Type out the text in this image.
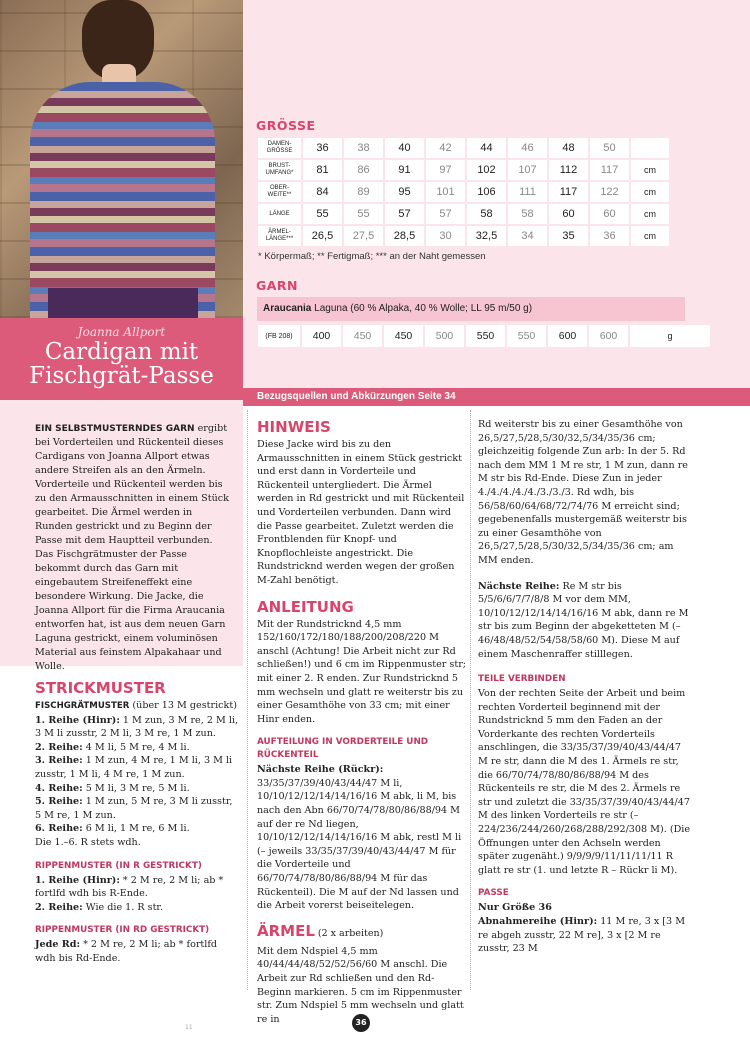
Joanna Allport
Cardigan mit
Fischgrät-Passe
GRÖSSE
DAMEN-GRÖSSE	36	38	40	42	44	46	48	50	
BRUST-UMFANG*	81	86	91	97	102	107	112	117	cm
OBER-WEITE**	84	89	95	101	106	111	117	122	cm
LÄNGE	55	55	57	57	58	58	60	60	cm
ÄRMEL-LÄNGE***	26,5	27,5	28,5	30	32,5	34	35	36	cm
* Körpermaß; ** Fertigmaß; *** an der Naht gemessen
GARN
Araucania Laguna (60 % Alpaka, 40 % Wolle; LL 95 m/50 g)
(FB 208)	400	450	450	500	550	550	600	600	g
Bezugsquellen und Abkürzungen Seite 34
EIN SELBSTMUSTERNDES GARN ergibt bei Vorderteilen und Rückenteil dieses Cardigans von Joanna Allport etwas andere Streifen als an den Ärmeln. Vorderteile und Rückenteil werden bis zu den Armausschnitten in einem Stück gearbeitet. Die Ärmel werden in Runden gestrickt und zu Beginn der Passe mit dem Hauptteil verbunden. Das Fischgrätmuster der Passe bekommt durch das Garn mit eingebautem Streifeneffekt eine besondere Wirkung. Die Jacke, die Joanna Allport für die Firma Araucania entworfen hat, ist aus dem neuen Garn Laguna gestrickt, einem voluminösen Material aus feinstem Alpakahaar und Wolle.
STRICKMUSTER

FISCHGRÄTMUSTER (über 13 M gestrickt)

1. Reihe (Hinr): 1 M zun, 3 M re, 2 M li, 3 M li zusstr, 2 M li, 3 M re, 1 M zun.

2. Reihe: 4 M li, 5 M re, 4 M li.

3. Reihe: 1 M zun, 4 M re, 1 M li, 3 M li zusstr, 1 M li, 4 M re, 1 M zun.

4. Reihe: 5 M li, 3 M re, 5 M li.

5. Reihe: 1 M zun, 5 M re, 3 M li zusstr, 5 M re, 1 M zun.

6. Reihe: 6 M li, 1 M re, 6 M li.

Die 1.–6. R stets wdh.

RIPPENMUSTER (IN R GESTRICKT)

1. Reihe (Hinr): * 2 M re, 2 M li; ab * fortlfd wdh bis R-Ende.

2. Reihe: Wie die 1. R str.

RIPPENMUSTER (IN RD GESTRICKT)

Jede Rd: * 2 M re, 2 M li; ab * fortlfd wdh bis Rd-Ende.

HINWEIS

Diese Jacke wird bis zu den Armausschnitten in einem Stück gestrickt und erst dann in Vorderteile und Rückenteil untergliedert. Die Ärmel werden in Rd gestrickt und mit Rückenteil und Vorderteilen verbunden. Dann wird die Passe gearbeitet. Zuletzt werden die Frontblenden für Knopf- und Knopflochleiste angestrickt. Die Rundstricknd werden wegen der großen M-Zahl benötigt.

ANLEITUNG

Mit der Rundstricknd 4,5 mm 152/160/172/180/188/200/208/220 M anschl (Achtung! Die Arbeit nicht zur Rd schließen!) und 6 cm im Rippenmuster str; mit einer 2. R enden. Zur Rundstricknd 5 mm wechseln und glatt re weiterstr bis zu einer Gesamthöhe von 33 cm; mit einer Hinr enden.

AUFTEILUNG IN VORDERTEILE UND RÜCKENTEIL

Nächste Reihe (Rückr): 33/35/37/39/40/43/44/47 M li, 10/10/12/12/14/14/16/16 M abk, li M, bis nach den Abn 66/70/74/78/80/86/88/94 M auf der re Nd liegen, 10/10/12/12/14/14/16/16 M abk, restl M li (– jeweils 33/35/37/39/40/43/44/47 M für die Vorderteile und 66/70/74/78/80/86/88/94 M für das Rückenteil). Die M auf der Nd lassen und die Arbeit vorerst beiseitelegen.

ÄRMEL (2 x arbeiten)

Mit dem Ndspiel 4,5 mm 40/44/44/48/52/52/56/60 M anschl. Die Arbeit zur Rd schließen und den Rd-Beginn markieren. 5 cm im Rippenmuster str. Zum Ndspiel 5 mm wechseln und glatt re in

Rd weiterstr bis zu einer Gesamthöhe von 26,5/27,5/28,5/30/32,5/34/35/36 cm; gleichzeitig folgende Zun arb: In der 5. Rd nach dem MM 1 M re str, 1 M zun, dann re M str bis Rd-Ende. Diese Zun in jeder 4./4./4./4./4./3./3./3. Rd wdh, bis 56/58/60/64/68/72/74/76 M erreicht sind; gegebenenfalls mustergemäß weiterstr bis zu einer Gesamthöhe von 26,5/27,5/28,5/30/32,5/34/35/36 cm; am MM enden.

Nächste Reihe: Re M str bis 5/5/6/6/7/7/8/8 M vor dem MM, 10/10/12/12/14/14/16/16 M abk, dann re M str bis zum Beginn der abgeketteten M (– 46/48/48/52/54/58/58/60 M). Diese M auf einem Maschenraffer stilllegen.

TEILE VERBINDEN

Von der rechten Seite der Arbeit und beim rechten Vorderteil beginnend mit der Rundstricknd 5 mm den Faden an der Vorderkante des rechten Vorderteils anschlingen, die 33/35/37/39/40/43/44/47 M re str, dann die M des 1. Ärmels re str, die 66/70/74/78/80/86/88/94 M des Rückenteils re str, die M des 2. Ärmels re str und zuletzt die 33/35/37/39/40/43/44/47 M des linken Vorderteils re str (– 224/236/244/260/268/288/292/308 M). (Die Öffnungen unter den Achseln werden später zugenäht.) 9/9/9/9/11/11/11/11 R glatt re str (1. und letzte R – Rückr li M).

PASSE

Nur Größe 36

Abnahmereihe (Hinr): 11 M re, 3 x [3 M re abgeh zusstr, 22 M re], 3 x [2 M re zusstr, 23 M

11
36
